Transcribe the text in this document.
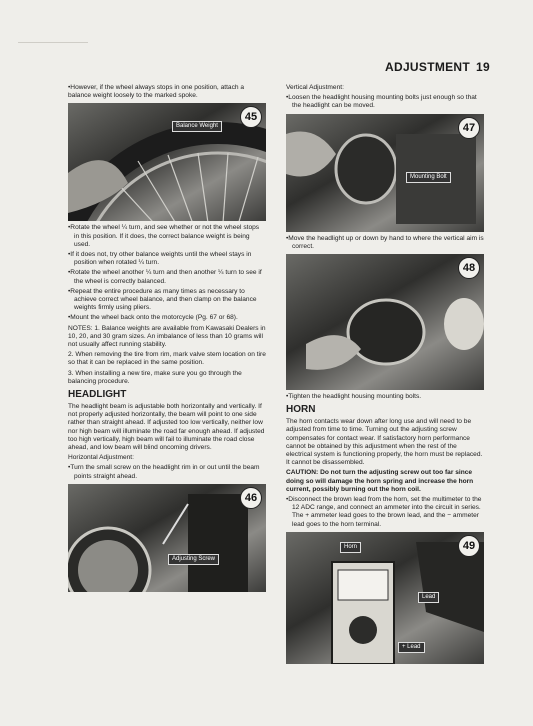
ADJUSTMENT 19

•However, if the wheel always stops in one position, attach a balance weight loosely to the marked spoke.

45
Balance Weight

•Rotate the wheel ¼ turn, and see whether or not the wheel stops in this position. If it does, the correct balance weight is being used.

•If it does not, try other balance weights until the wheel stays in position when rotated ¼ turn.

•Rotate the wheel another ¼ turn and then another ¼ turn to see if the wheel is correctly balanced.

•Repeat the entire procedure as many times as necessary to achieve correct wheel balance, and then clamp on the balance weights firmly using pliers.

•Mount the wheel back onto the motorcycle (Pg. 67 or 68).

NOTES: 1. Balance weights are available from Kawasaki Dealers in 10, 20, and 30 gram sizes. An imbalance of less than 10 grams will not usually affect running stability.

2. When removing the tire from rim, mark valve stem location on tire so that it can be replaced in the same position.

3. When installing a new tire, make sure you go through the balancing procedure.

HEADLIGHT

The headlight beam is adjustable both horizontally and vertically. If not properly adjusted horizontally, the beam will point to one side rather than straight ahead. If adjusted too low vertically, neither low nor high beam will illuminate the road far enough ahead. If adjusted too high vertically, high beam will fail to illuminate the road close ahead, and low beam will blind oncoming drivers.

Horizontal Adjustment:

•Turn the small screw on the headlight rim in or out until the beam points straight ahead.

46
Adjusting Screw

Vertical Adjustment:

•Loosen the headlight housing mounting bolts just enough so that the headlight can be moved.

47
Mounting Bolt

•Move the headlight up or down by hand to where the vertical aim is correct.

48

•Tighten the headlight housing mounting bolts.

HORN

The horn contacts wear down after long use and will need to be adjusted from time to time. Turning out the adjusting screw compensates for contact wear. If satisfactory horn performance cannot be obtained by this adjustment when the rest of the electrical system is functioning properly, the horn must be replaced. It cannot be disassembled.

CAUTION: Do not turn the adjusting screw out too far since doing so will damage the horn spring and increase the horn current, possibly burning out the horn coil.

•Disconnect the brown lead from the horn, set the multimeter to the 12 ADC range, and connect an ammeter into the circuit in series. The + ammeter lead goes to the brown lead, and the − ammeter lead goes to the horn terminal.

49
Horn
Lead
+ Lead
